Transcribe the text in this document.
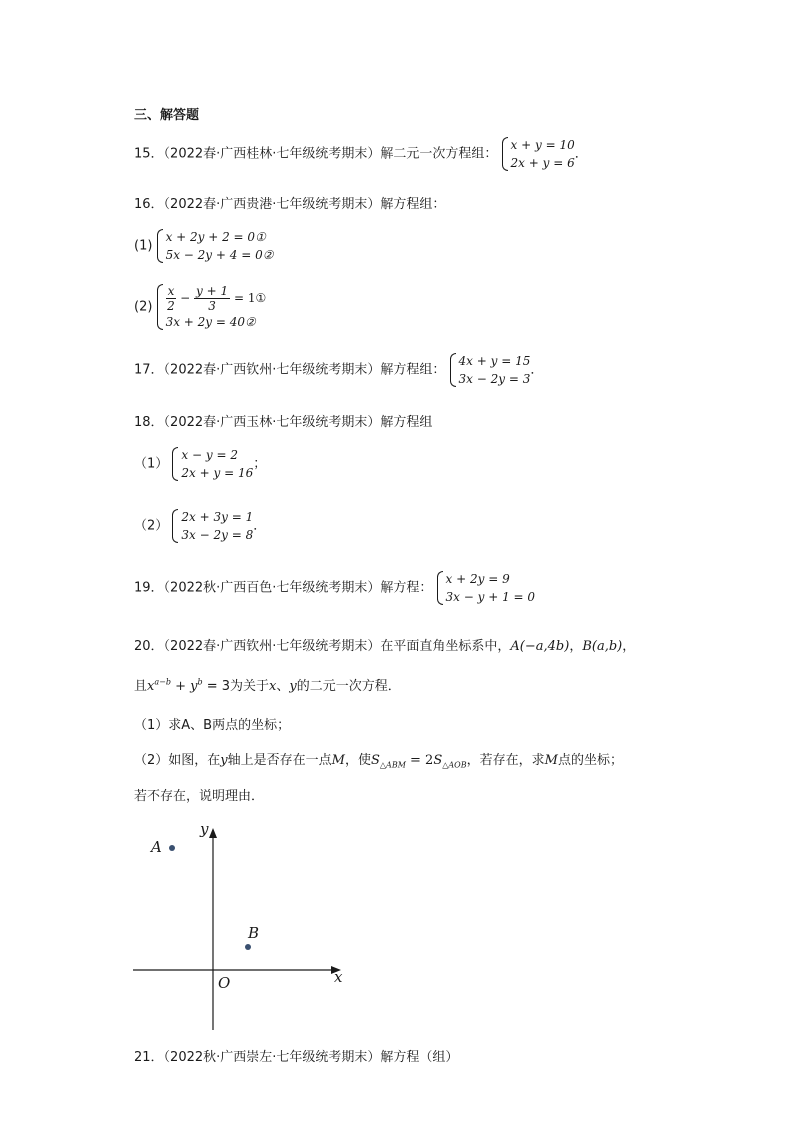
三、解答题
15．（2022春·广西桂林·七年级统考期末）解二元一次方程组：
x + y = 10
2x + y = 6
．
16．（2022春·广西贵港·七年级统考期末）解方程组：
(1)
x + 2y + 2 = 0①
5x − 2y + 4 = 0②
$(2) \frac{x}{2} - \frac{y + 1}{3}$ = 1①
3x + 2y = 40②
17．（2022春·广西钦州·七年级统考期末）解方程组：
4x + y = 15
3x − 2y = 3
．
18．（2022春·广西玉林·七年级统考期末）解方程组
（1）
x − y = 2
2x + y = 16
；
（2）
2x + 3y = 1
3x − 2y = 8
．
19．（2022秋·广西百色·七年级统考期末）解方程：
x + 2y = 9
3x − y + 1 = 0
20．（2022春·广西钦州·七年级统考期末）在平面直角坐标系中，A(−a,4b)，B(a,b)，
且$x^{a-b} + y^b = 3$为关于x、y的二元一次方程．
（1）求A、B两点的坐标；
（2）如图，在y轴上是否存在一点M，使$S_{\triangle ABM} = 2S_{\triangle AOB}$，若存在，求M点的坐标；
若不存在，说明理由．
y
x
O
A
B
21．（2022秋·广西崇左·七年级统考期末）解方程（组）
